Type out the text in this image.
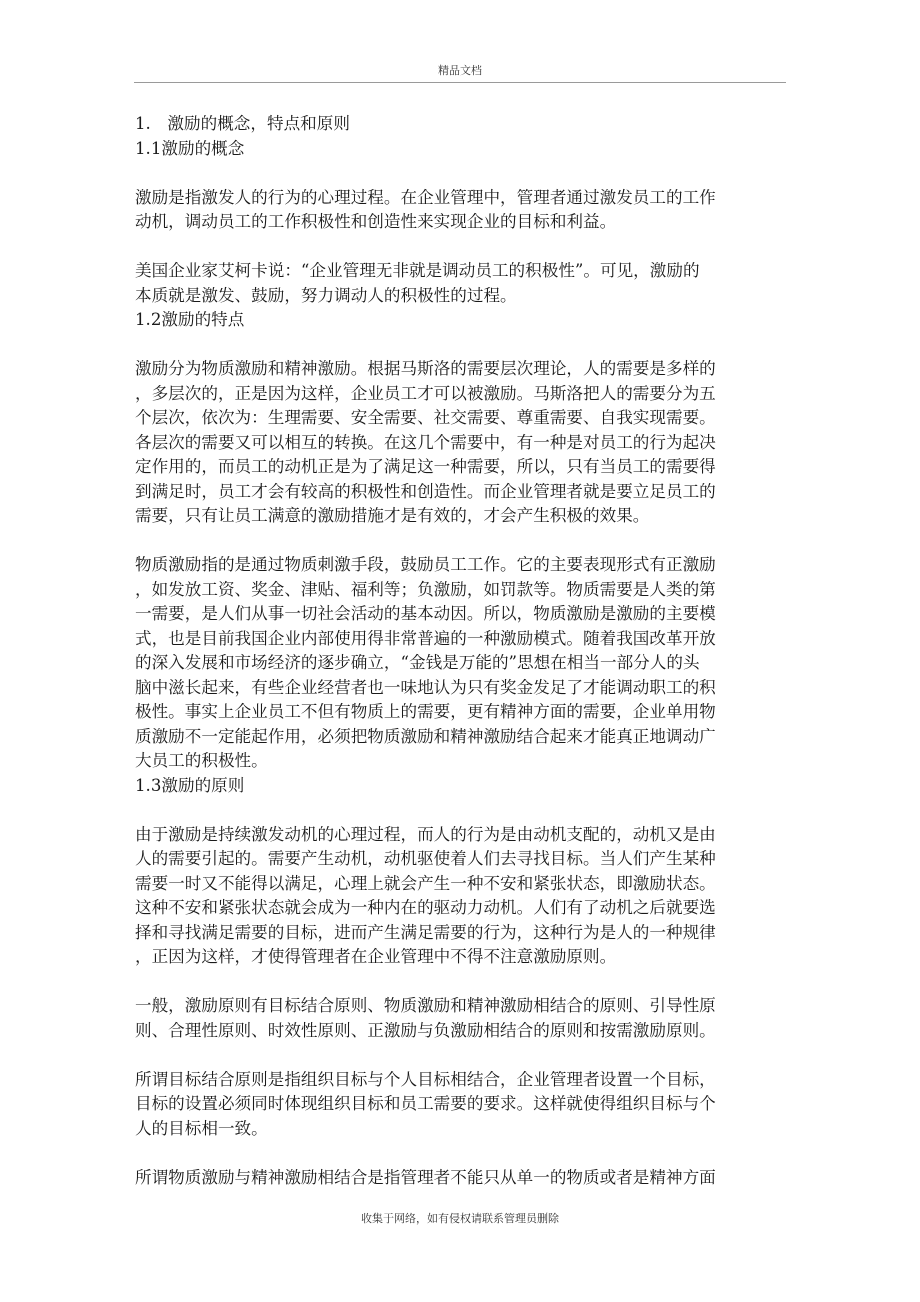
精品文档
1.　激励的概念，特点和原则
1.1激励的概念
激励是指激发人的行为的心理过程。在企业管理中，管理者通过激发员工的工作
动机，调动员工的工作积极性和创造性来实现企业的目标和利益。
美国企业家艾柯卡说：“企业管理无非就是调动员工的积极性”。可见，激励的
本质就是激发、鼓励，努力调动人的积极性的过程。
1.2激励的特点
激励分为物质激励和精神激励。根据马斯洛的需要层次理论，人的需要是多样的
，多层次的，正是因为这样，企业员工才可以被激励。马斯洛把人的需要分为五
个层次，依次为：生理需要、安全需要、社交需要、尊重需要、自我实现需要。
各层次的需要又可以相互的转换。在这几个需要中，有一种是对员工的行为起决
定作用的，而员工的动机正是为了满足这一种需要，所以，只有当员工的需要得
到满足时，员工才会有较高的积极性和创造性。而企业管理者就是要立足员工的
需要，只有让员工满意的激励措施才是有效的，才会产生积极的效果。
物质激励指的是通过物质刺激手段，鼓励员工工作。它的主要表现形式有正激励
，如发放工资、奖金、津贴、福利等；负激励，如罚款等。物质需要是人类的第
一需要，是人们从事一切社会活动的基本动因。所以，物质激励是激励的主要模
式，也是目前我国企业内部使用得非常普遍的一种激励模式。随着我国改革开放
的深入发展和市场经济的逐步确立，“金钱是万能的”思想在相当一部分人的头
脑中滋长起来，有些企业经营者也一味地认为只有奖金发足了才能调动职工的积
极性。事实上企业员工不但有物质上的需要，更有精神方面的需要，企业单用物
质激励不一定能起作用，必须把物质激励和精神激励结合起来才能真正地调动广
大员工的积极性。
1.3激励的原则
由于激励是持续激发动机的心理过程，而人的行为是由动机支配的，动机又是由
人的需要引起的。需要产生动机，动机驱使着人们去寻找目标。当人们产生某种
需要一时又不能得以满足，心理上就会产生一种不安和紧张状态，即激励状态。
这种不安和紧张状态就会成为一种内在的驱动力动机。人们有了动机之后就要选
择和寻找满足需要的目标，进而产生满足需要的行为，这种行为是人的一种规律
，正因为这样，才使得管理者在企业管理中不得不注意激励原则。
一般，激励原则有目标结合原则、物质激励和精神激励相结合的原则、引导性原
则、合理性原则、时效性原则、正激励与负激励相结合的原则和按需激励原则。
所谓目标结合原则是指组织目标与个人目标相结合，企业管理者设置一个目标，
目标的设置必须同时体现组织目标和员工需要的要求。这样就使得组织目标与个
人的目标相一致。
所谓物质激励与精神激励相结合是指管理者不能只从单一的物质或者是精神方面
收集于网络，如有侵权请联系管理员删除
